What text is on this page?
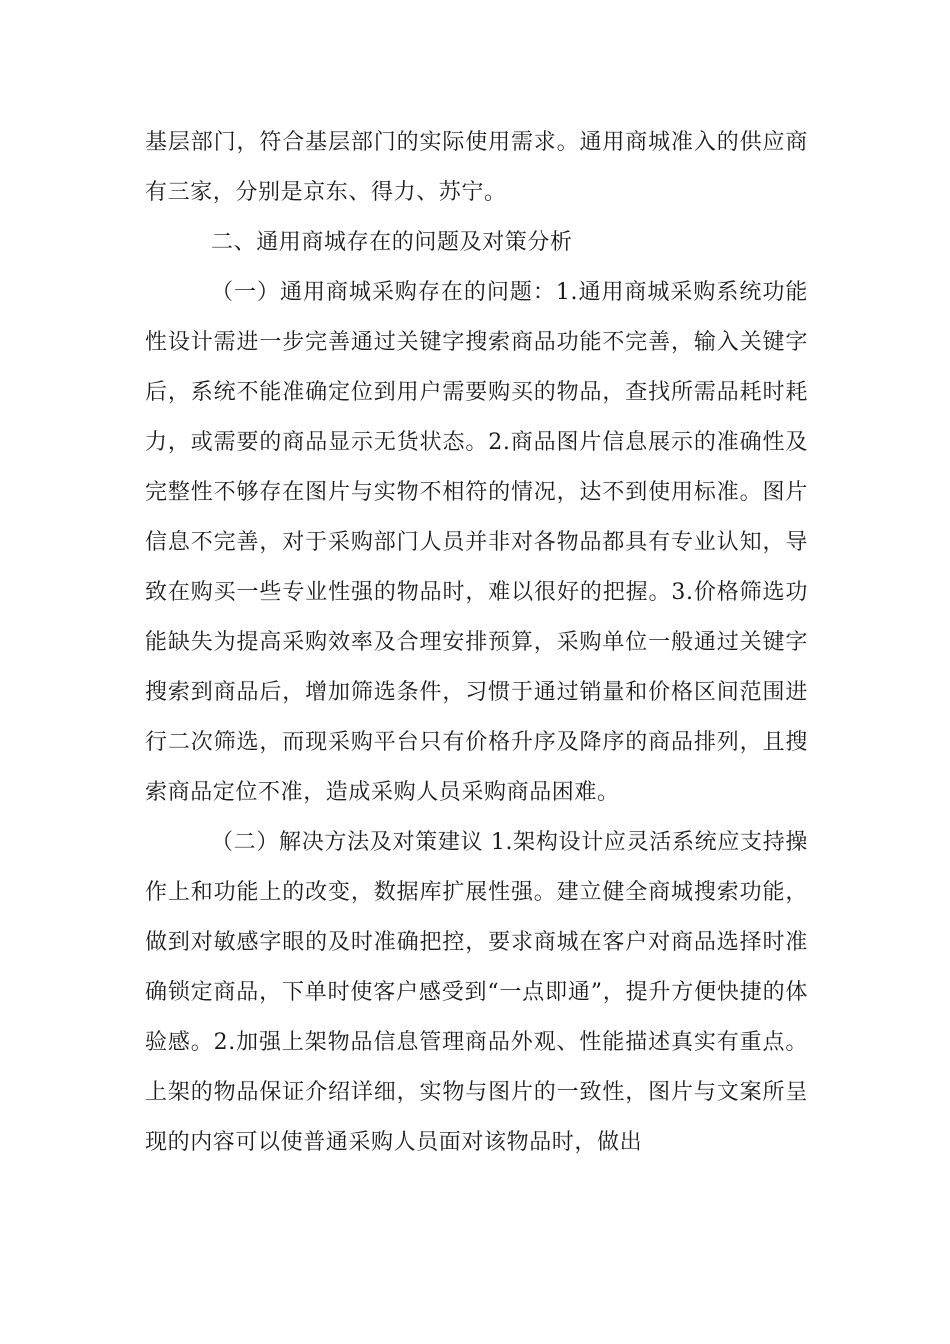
基层部门，符合基层部门的实际使用需求。通用商城准入的供应商有三家，分别是京东、得力、苏宁。

二、通用商城存在的问题及对策分析

（一）通用商城采购存在的问题：1.通用商城采购系统功能性设计需进一步完善通过关键字搜索商品功能不完善，输入关键字后，系统不能准确定位到用户需要购买的物品，查找所需品耗时耗力，或需要的商品显示无货状态。2.商品图片信息展示的准确性及完整性不够存在图片与实物不相符的情况，达不到使用标准。图片信息不完善，对于采购部门人员并非对各物品都具有专业认知，导致在购买一些专业性强的物品时，难以很好的把握。3.价格筛选功能缺失为提高采购效率及合理安排预算，采购单位一般通过关键字搜索到商品后，增加筛选条件，习惯于通过销量和价格区间范围进行二次筛选，而现采购平台只有价格升序及降序的商品排列，且搜索商品定位不准，造成采购人员采购商品困难。

（二）解决方法及对策建议 1.架构设计应灵活系统应支持操作上和功能上的改变，数据库扩展性强。建立健全商城搜索功能，做到对敏感字眼的及时准确把控，要求商城在客户对商品选择时准确锁定商品，下单时使客户感受到“一点即通”，提升方便快捷的体验感。2.加强上架物品信息管理商品外观、性能描述真实有重点。上架的物品保证介绍详细，实物与图片的一致性，图片与文案所呈现的内容可以使普通采购人员面对该物品时，做出
